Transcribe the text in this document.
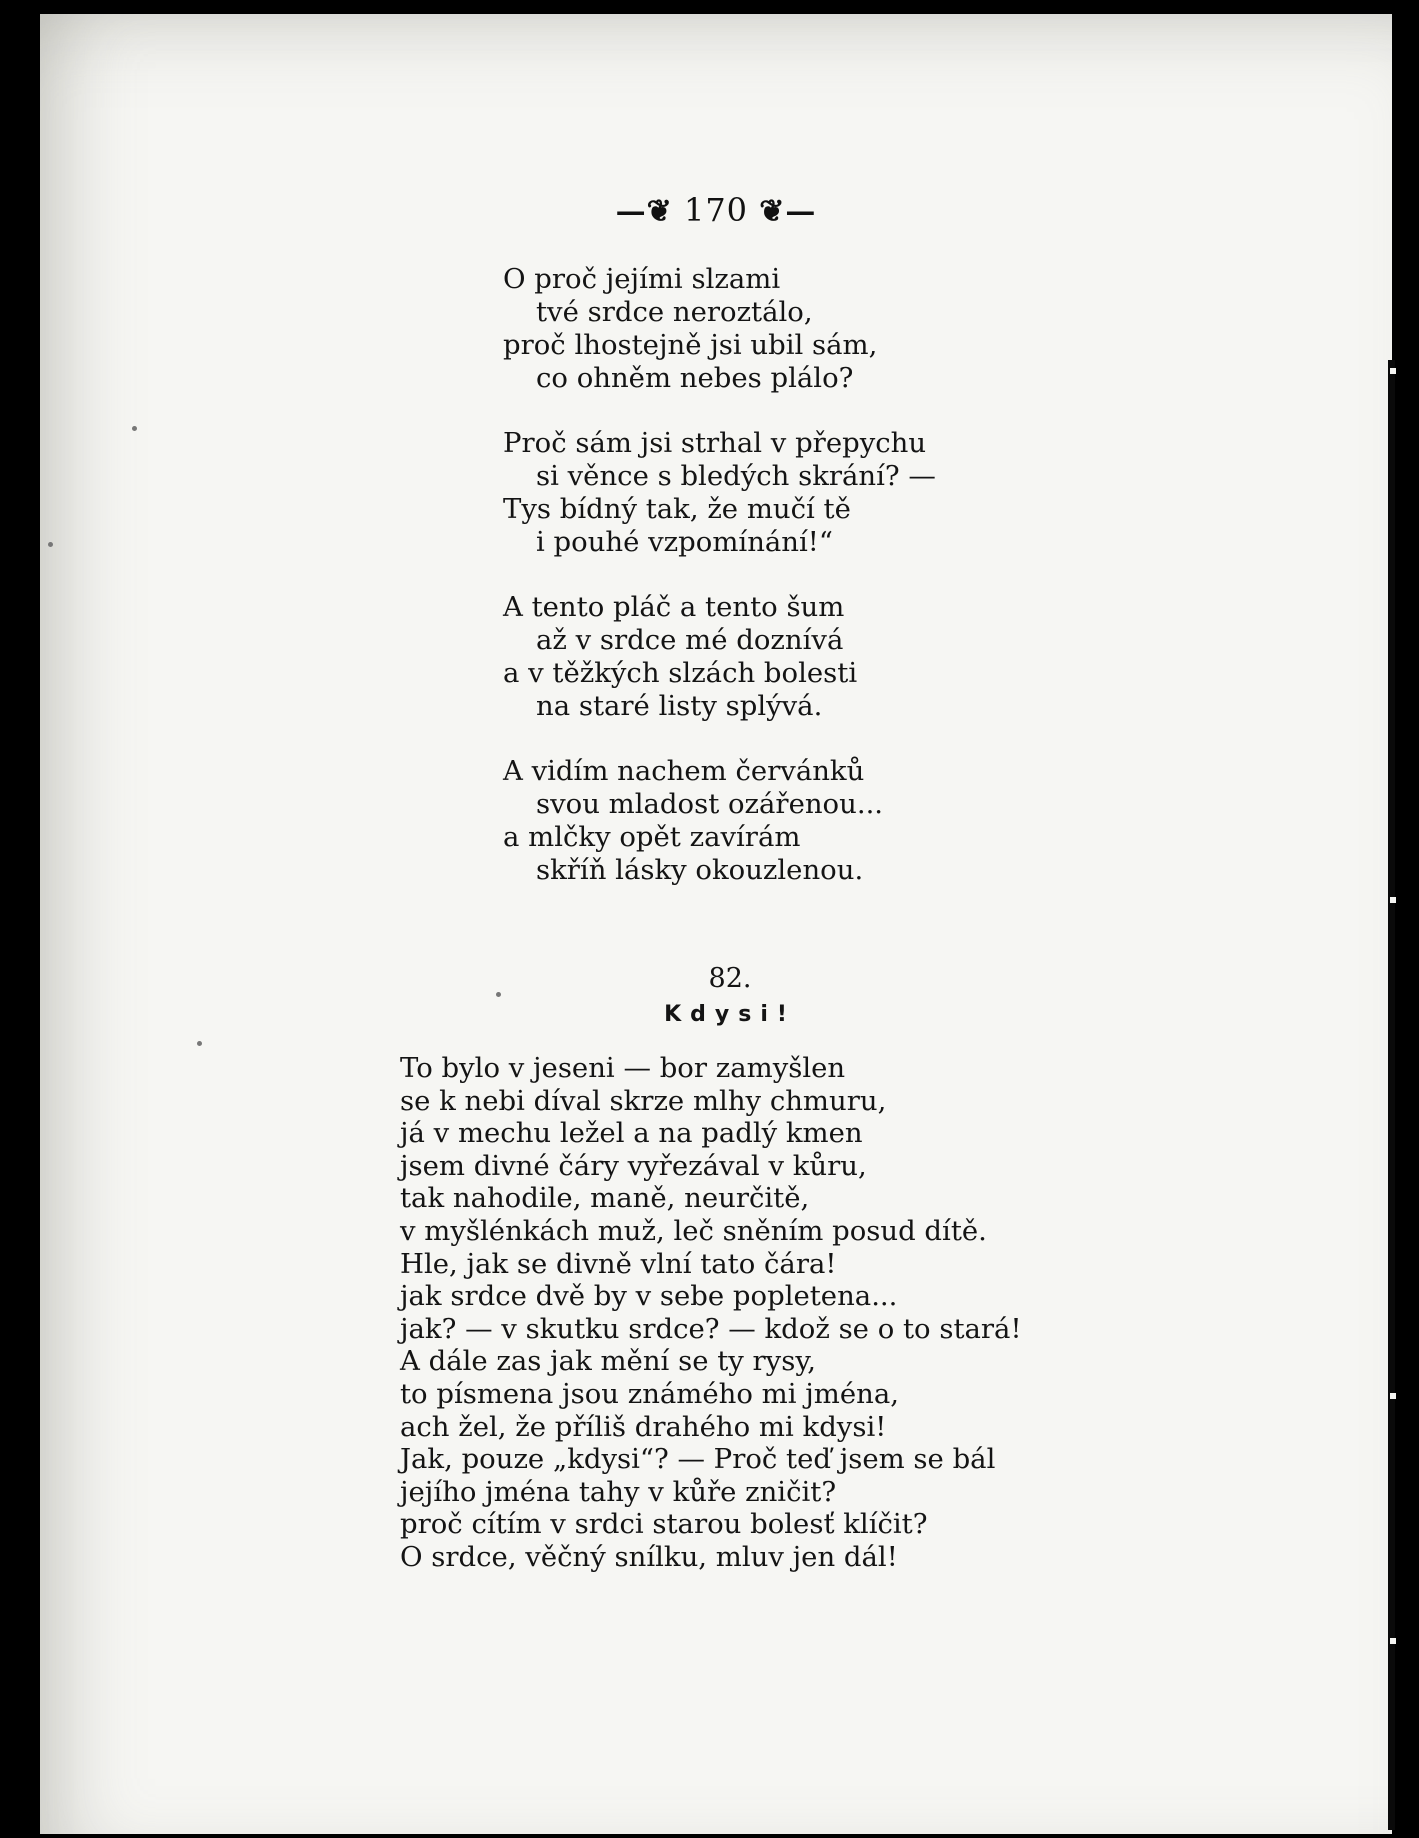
—❦ 170 ❦—
O proč jejími slzami
tvé srdce neroztálo,
proč lhostejně jsi ubil sám,
co ohněm nebes plálo?
Proč sám jsi strhal v přepychu
si věnce s bledých skrání? —
Tys bídný tak, že mučí tě
i pouhé vzpomínání!“
A tento pláč a tento šum
až v srdce mé doznívá
a v těžkých slzách bolesti
na staré listy splývá.
A vidím nachem červánků
svou mladost ozářenou...
a mlčky opět zavírám
skříň lásky okouzlenou.
82.
Kdysi!
To bylo v jeseni — bor zamyšlen
se k nebi díval skrze mlhy chmuru,
já v mechu ležel a na padlý kmen
jsem divné čáry vyřezával v kůru,
tak nahodile, maně, neurčitě,
v myšlénkách muž, leč sněním posud dítě.
Hle, jak se divně vlní tato čára!
jak srdce dvě by v sebe popletena...
jak? — v skutku srdce? — kdož se o to stará!
A dále zas jak mění se ty rysy,
to písmena jsou známého mi jména,
ach žel, že příliš drahého mi kdysi!
Jak, pouze „kdysi“? — Proč teď jsem se bál
jejího jména tahy v kůře zničit?
proč cítím v srdci starou bolesť klíčit?
O srdce, věčný snílku, mluv jen dál!
